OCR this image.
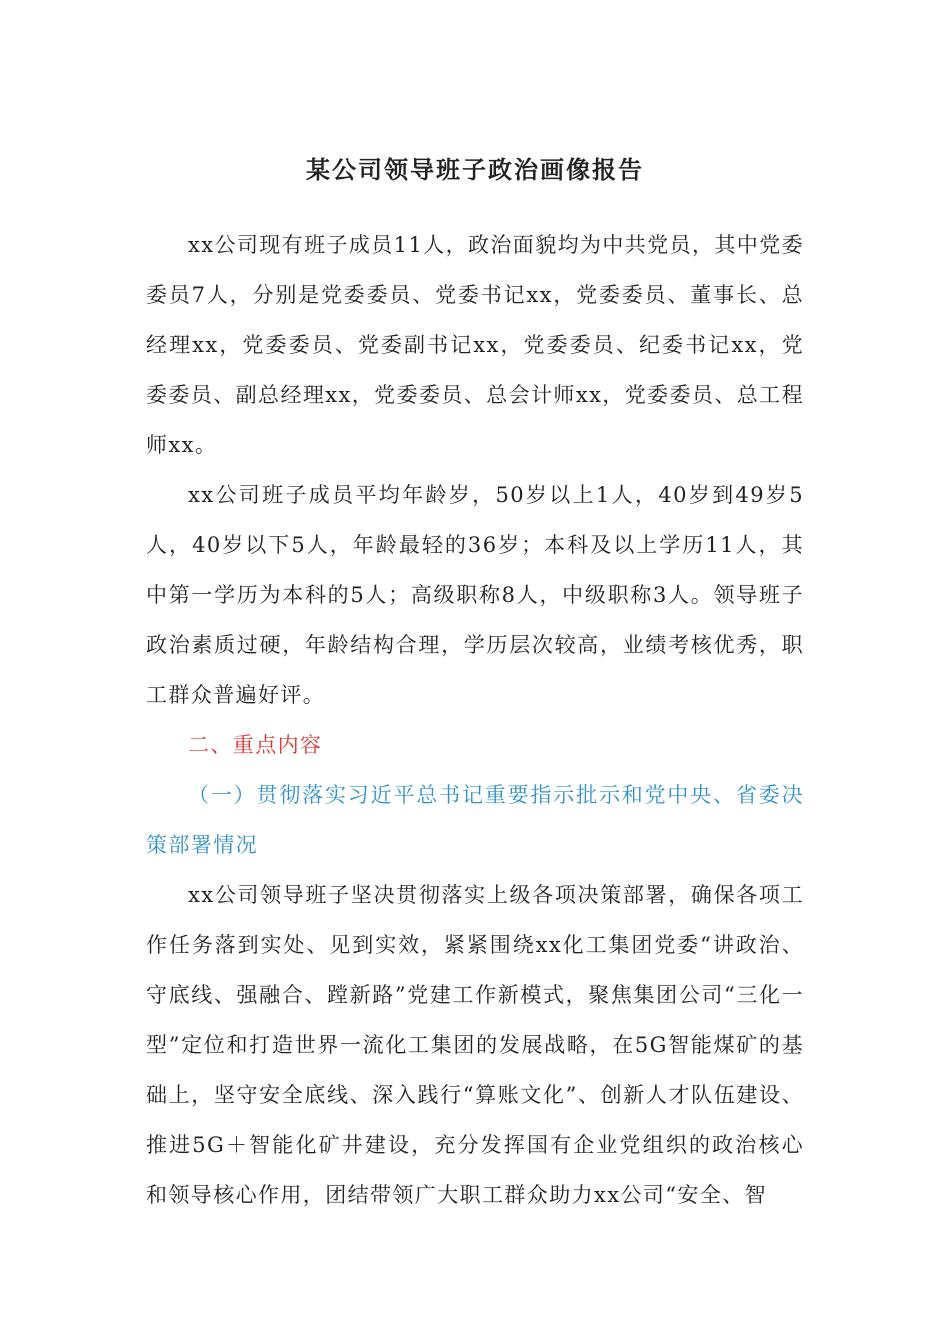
某公司领导班子政治画像报告

xx公司现有班子成员11人，政治面貌均为中共党员，其中党委委员7人，分别是党委委员、党委书记xx，党委委员、董事长、总经理xx，党委委员、党委副书记xx，党委委员、纪委书记xx，党委委员、副总经理xx，党委委员、总会计师xx，党委委员、总工程师xx。

xx公司班子成员平均年龄岁，50岁以上1人，40岁到49岁5人，40岁以下5人，年龄最轻的36岁；本科及以上学历11人，其中第一学历为本科的5人；高级职称8人，中级职称3人。领导班子政治素质过硬，年龄结构合理，学历层次较高，业绩考核优秀，职工群众普遍好评。

二、重点内容

（一）贯彻落实习近平总书记重要指示批示和党中央、省委决策部署情况

xx公司领导班子坚决贯彻落实上级各项决策部署，确保各项工作任务落到实处、见到实效，紧紧围绕xx化工集团党委“讲政治、守底线、强融合、蹚新路”党建工作新模式，聚焦集团公司“三化一型”定位和打造世界一流化工集团的发展战略，在5G智能煤矿的基础上，坚守安全底线、深入践行“算账文化”、创新人才队伍建设、推进5G＋智能化矿井建设，充分发挥国有企业党组织的政治核心和领导核心作用，团结带领广大职工群众助力xx公司“安全、智
